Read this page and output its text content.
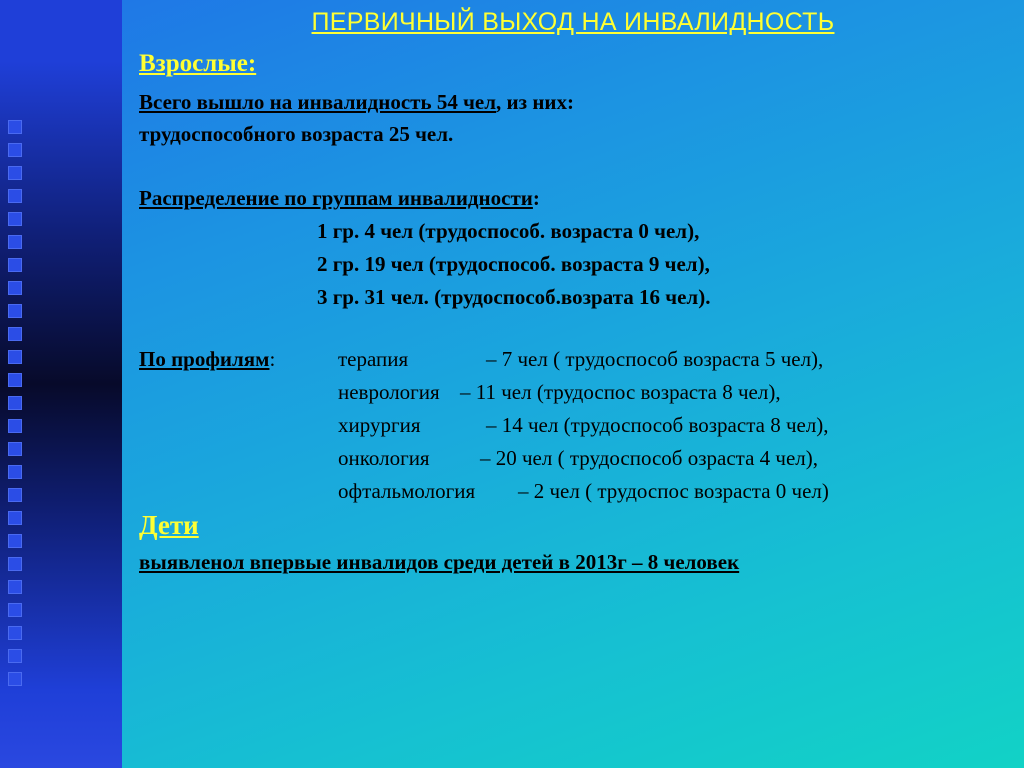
ПЕРВИЧНЫЙ ВЫХОД НА ИНВАЛИДНОСТЬ
Взрослые:
Всего вышло на инвалидность 54 чел, из них:
трудоспособного возраста 25 чел.
Распределение по группам инвалидности:
1 гр. 4 чел (трудоспособ. возраста 0 чел),
2 гр. 19 чел (трудоспособ. возраста 9 чел),
3 гр. 31 чел. (трудоспособ.возрата 16 чел).
По профилям:	терапия	– 7 чел ( трудоспособ возраста 5 чел),
неврология – 11 чел (трудоспос возраста 8 чел),
хирургия	– 14 чел (трудоспособ возраста 8 чел),
онкология – 20 чел ( трудоспособ озраста 4 чел),
офтальмология – 2 чел ( трудоспос возраста 0 чел)
Дети
выявленол впервые инвалидов среди детей в 2013г – 8 человек
